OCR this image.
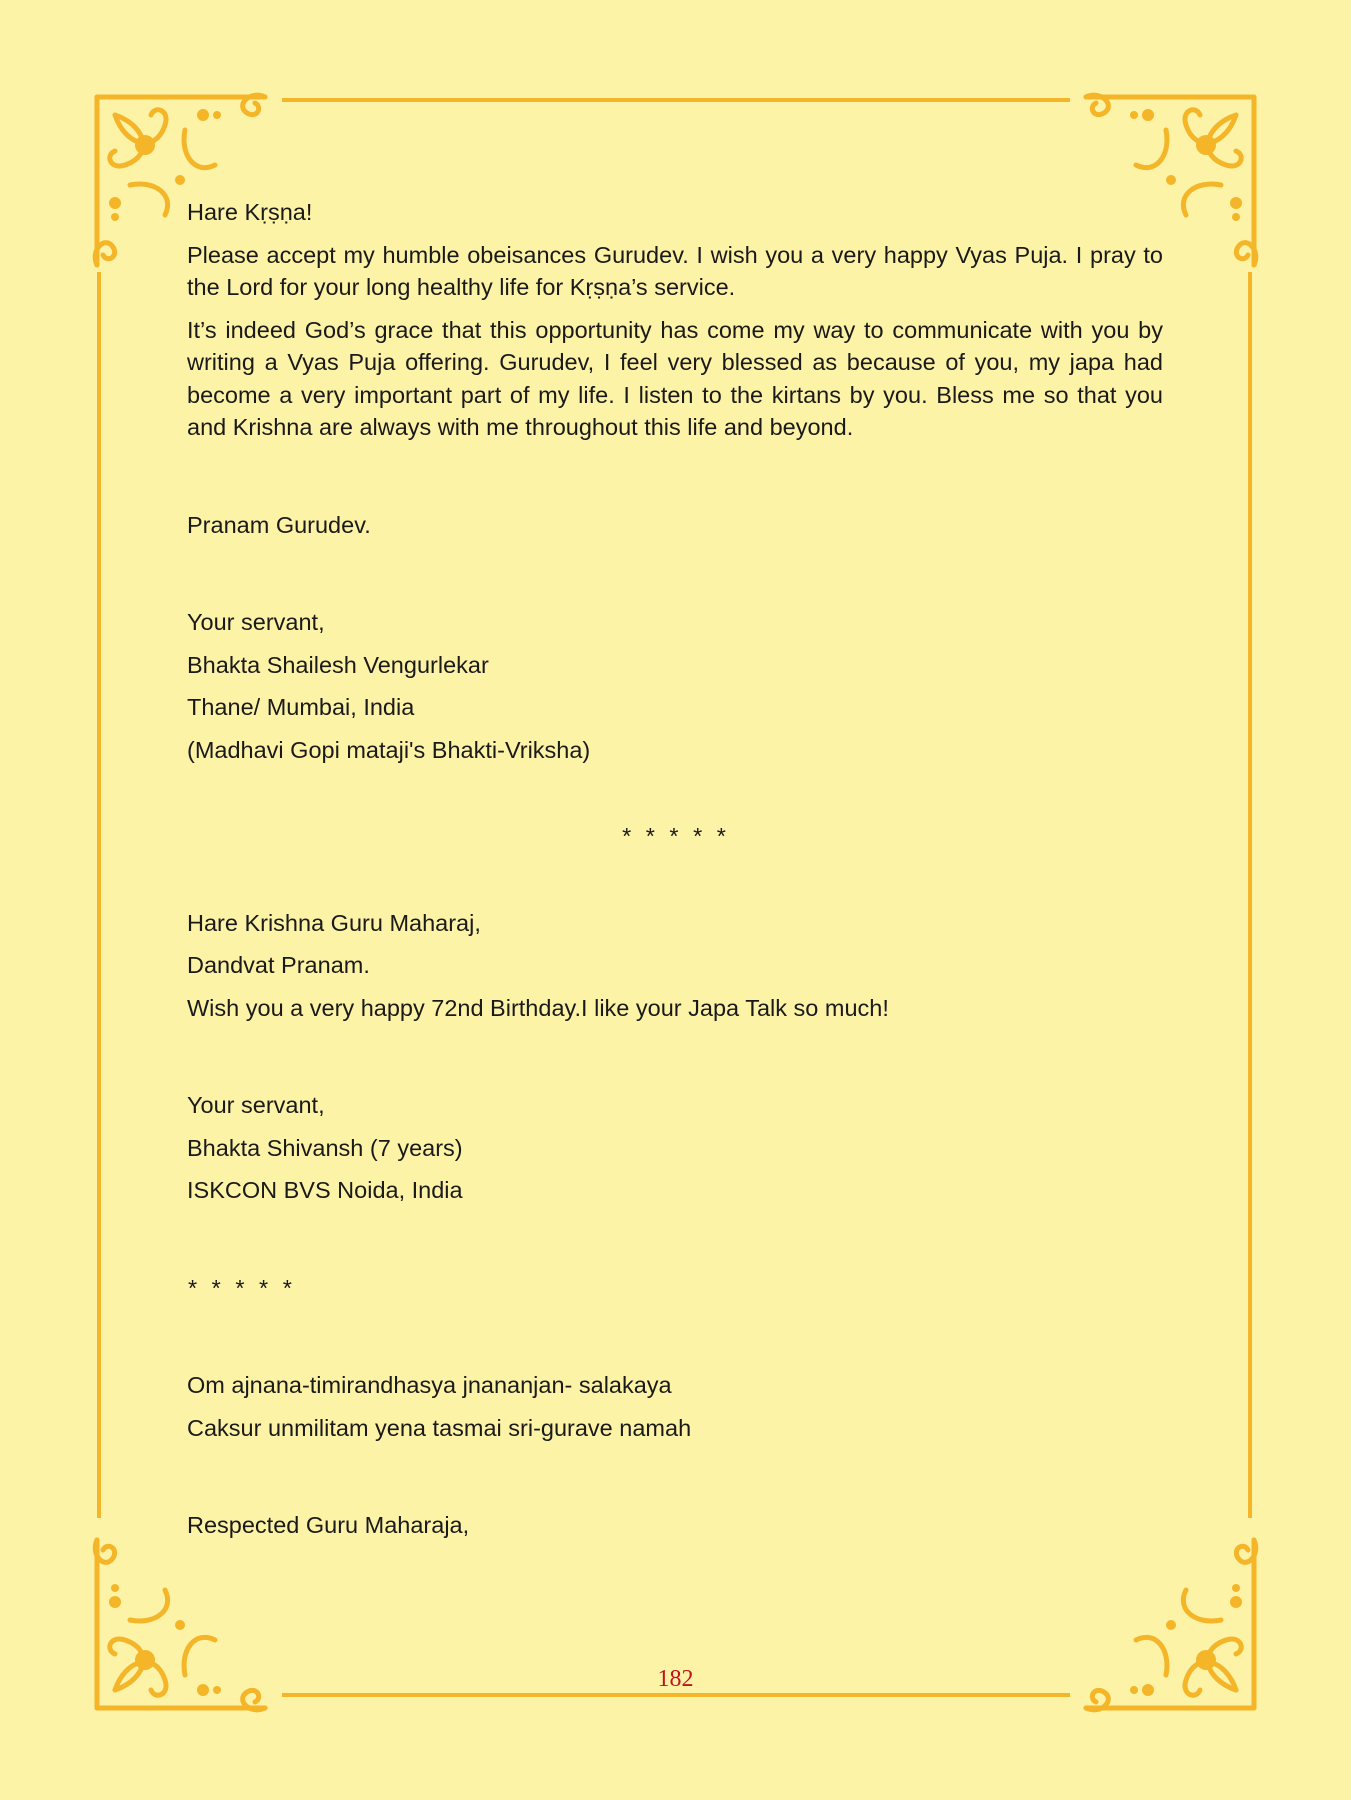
Hare Kṛṣṇa!

Please accept my humble obeisances Gurudev. I wish you a very happy Vyas Puja. I pray to the Lord for your long healthy life for Kṛṣṇa’s service.

It’s indeed God’s grace that this opportunity has come my way to communicate with you by writing a Vyas Puja offering. Gurudev, I feel very blessed as because of you, my japa had become a very important part of my life. I listen to the kirtans by you. Bless me so that you and Krishna are always with me throughout this life and beyond.

Pranam Gurudev.

Your servant,

Bhakta Shailesh Vengurlekar

Thane/ Mumbai, India

(Madhavi Gopi mataji's Bhakti-Vriksha)

* * * * *

Hare Krishna Guru Maharaj,

Dandvat Pranam.

Wish you a very happy 72nd Birthday.I like your Japa Talk so much!

Your servant,

Bhakta Shivansh (7 years)

ISKCON BVS Noida, India

* * * * *

Om ajnana-timirandhasya jnananjan- salakaya

Caksur unmilitam yena tasmai sri-gurave namah

Respected Guru Maharaja,

182
